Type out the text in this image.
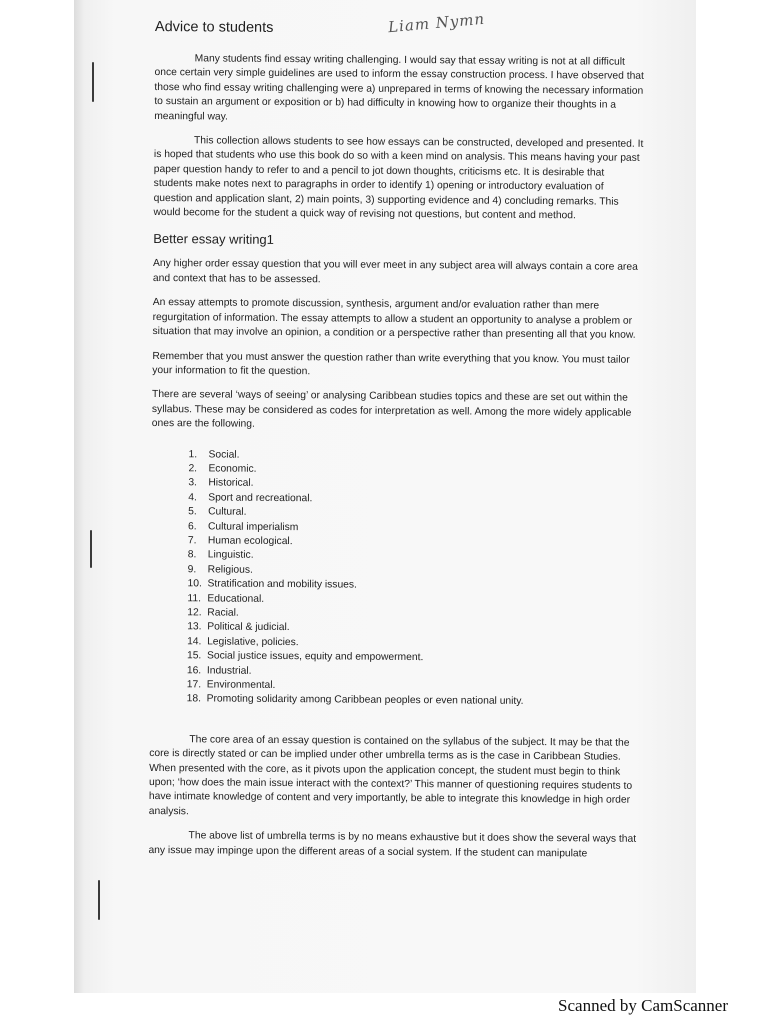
Liam Nymn
Advice to students

Many students find essay writing challenging. I would say that essay writing is not at all difficult once certain very simple guidelines are used to inform the essay construction process. I have observed that those who find essay writing challenging were a) unprepared in terms of knowing the necessary information to sustain an argument or exposition or b) had difficulty in knowing how to organize their thoughts in a meaningful way.

This collection allows students to see how essays can be constructed, developed and presented. It is hoped that students who use this book do so with a keen mind on analysis. This means having your past paper question handy to refer to and a pencil to jot down thoughts, criticisms etc. It is desirable that students make notes next to paragraphs in order to identify 1) opening or introductory evaluation of question and application slant, 2) main points, 3) supporting evidence and 4) concluding remarks. This would become for the student a quick way of revising not questions, but content and method.

Better essay writing1

Any higher order essay question that you will ever meet in any subject area will always contain a core area and context that has to be assessed.

An essay attempts to promote discussion, synthesis, argument and/or evaluation rather than mere regurgitation of information. The essay attempts to allow a student an opportunity to analyse a problem or situation that may involve an opinion, a condition or a perspective rather than presenting all that you know.

Remember that you must answer the question rather than write everything that you know. You must tailor your information to fit the question.

There are several ‘ways of seeing’ or analysing Caribbean studies topics and these are set out within the syllabus. These may be considered as codes for interpretation as well. Among the more widely applicable ones are the following.

1. Social.
2. Economic.
3. Historical.
4. Sport and recreational.
5. Cultural.
6. Cultural imperialism
7. Human ecological.
8. Linguistic.
9. Religious.
10. Stratification and mobility issues.
11. Educational.
12. Racial.
13. Political & judicial.
14. Legislative, policies.
15. Social justice issues, equity and empowerment.
16. Industrial.
17. Environmental.
18. Promoting solidarity among Caribbean peoples or even national unity.

The core area of an essay question is contained on the syllabus of the subject. It may be that the core is directly stated or can be implied under other umbrella terms as is the case in Caribbean Studies. When presented with the core, as it pivots upon the application concept, the student must begin to think upon; ‘how does the main issue interact with the context?’ This manner of questioning requires students to have intimate knowledge of content and very importantly, be able to integrate this knowledge in high order analysis.

The above list of umbrella terms is by no means exhaustive but it does show the several ways that any issue may impinge upon the different areas of a social system. If the student can manipulate

Scanned by CamScanner
